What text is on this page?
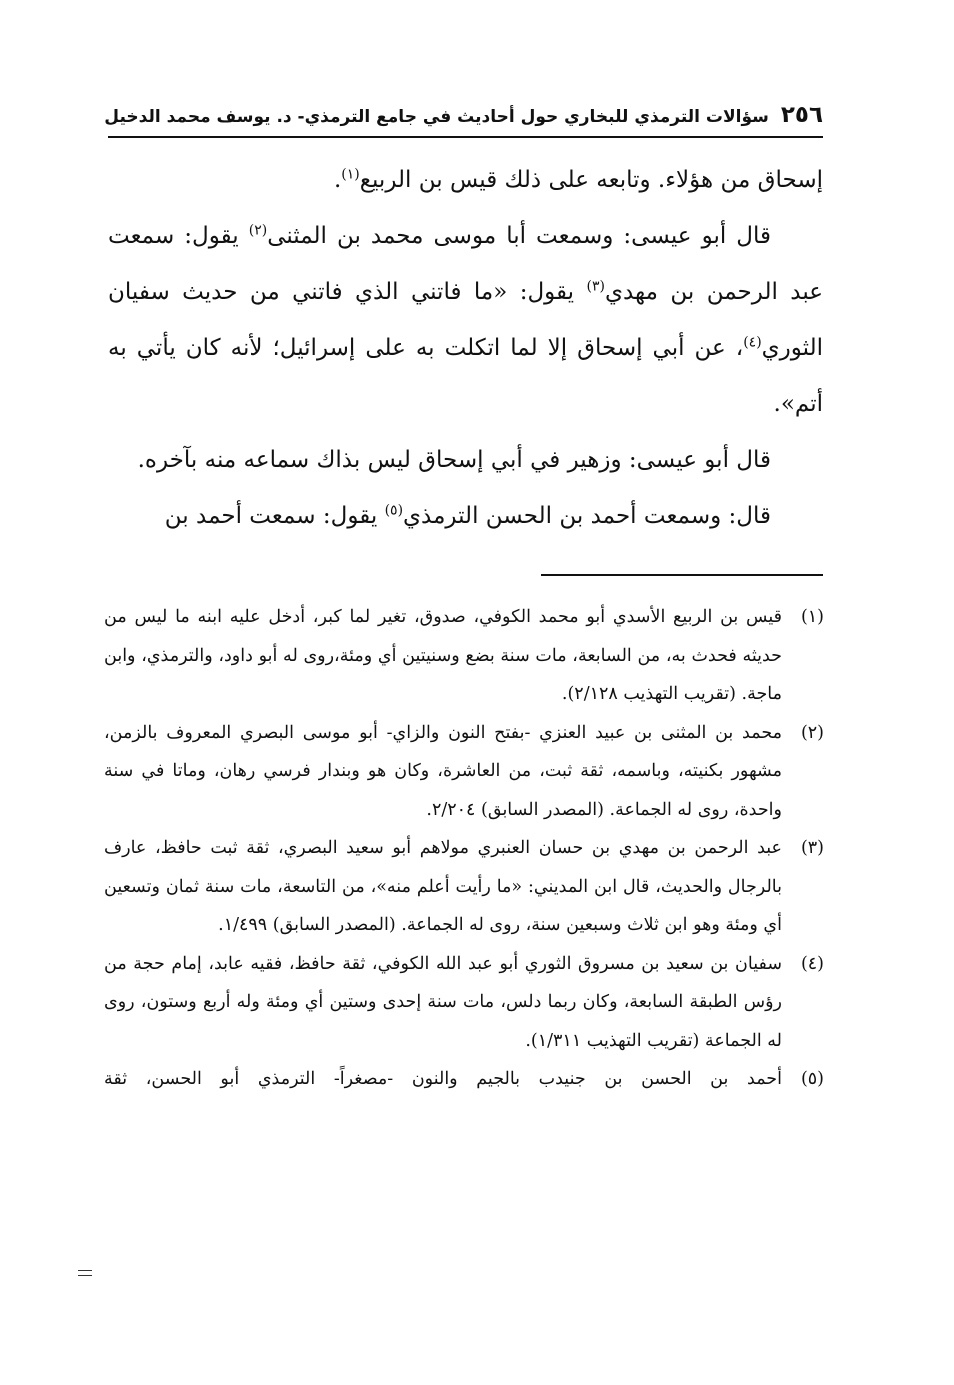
٢٥٦
سؤالات الترمذي للبخاري حول أحاديث في جامع الترمذي- د. يوسف محمد الدخيل

إسحاق من هؤلاء. وتابعه على ذلك قيس بن الربيع$^{(١)}$.

قال أبو عيسى: وسمعت أبا موسى محمد بن المثنى$^{(٢)}$ يقول: سمعت عبد الرحمن بن مهدي$^{(٣)}$ يقول: «ما فاتني الذي فاتني من حديث سفيان الثوري$^{(٤)}$، عن أبي إسحاق إلا لما اتكلت به على إسرائيل؛ لأنه كان يأتي به أتم».

قال أبو عيسى: وزهير في أبي إسحاق ليس بذاك سماعه منه بآخره.

قال: وسمعت أحمد بن الحسن الترمذي$^{(٥)}$ يقول: سمعت أحمد بن

(١)
قيس بن الربيع الأسدي أبو محمد الكوفي، صدوق، تغير لما كبر، أدخل عليه ابنه ما ليس من حديثه فحدث به، من السابعة، مات سنة بضع وسنيتين أي ومئة،روى له أبو داود، والترمذي، وابن ماجة. (تقريب التهذيب ٢/١٢٨).
(٢)
محمد بن المثنى بن عبيد العنزي -بفتح النون والزاي- أبو موسى البصري المعروف بالزمن، مشهور بكنيته، وباسمه، ثقة ثبت، من العاشرة، وكان هو وبندار فرسي رهان، وماتا في سنة واحدة، روى له الجماعة. (المصدر السابق) ٢/٢٠٤.
(٣)
عبد الرحمن بن مهدي بن حسان العنبري مولاهم أبو سعيد البصري، ثقة ثبت حافظ، عارف بالرجال والحديث، قال ابن المديني: «ما رأيت أعلم منه»، من التاسعة، مات سنة ثمان وتسعين أي ومئة وهو ابن ثلاث وسبعين سنة، روى له الجماعة. (المصدر السابق) ١/٤٩٩.
(٤)
سفيان بن سعيد بن مسروق الثوري أبو عبد الله الكوفي، ثقة حافظ، فقيه عابد، إمام حجة من رؤس الطبقة السابعة، وكان ربما دلس، مات سنة إحدى وستين أي ومئة وله أربع وستون، روى له الجماعة (تقريب التهذيب ١/٣١١).
(٥)
أحمد بن الحسن بن جنيدب بالجيم والنون -مصغراً- الترمذي أبو الحسن، ثقة
